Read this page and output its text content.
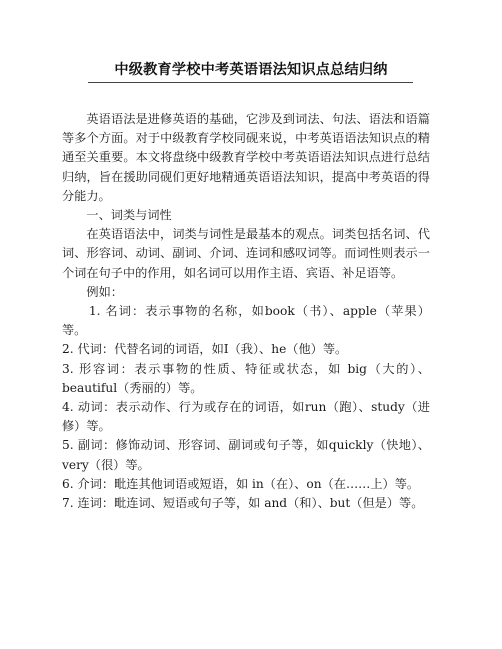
中级教育学校中考英语语法知识点总结归纳

英语语法是进修英语的基础，它涉及到词法、句法、语法和语篇等多个方面。对于中级教育学校同砚来说，中考英语语法知识点的精通至关重要。本文将盘绕中级教育学校中考英语语法知识点进行总结归纳，旨在援助同砚们更好地精通英语语法知识，提高中考英语的得分能力。

一、词类与词性

在英语语法中，词类与词性是最基本的观点。词类包括名词、代词、形容词、动词、副词、介词、连词和感叹词等。而词性则表示一个词在句子中的作用，如名词可以用作主语、宾语、补足语等。

例如：

1. 名词：表示事物的名称，如book（书）、apple（苹果）等。

2. 代词：代替名词的词语，如I（我）、he（他）等。

3. 形容词：表示事物的性质、特征或状态，如 big（大的）、beautiful（秀丽的）等。

4. 动词：表示动作、行为或存在的词语，如run（跑）、study（进修）等。

5. 副词：修饰动词、形容词、副词或句子等，如quickly（快地）、very（很）等。

6. 介词：毗连其他词语或短语，如 in（在）、on（在……上）等。

7. 连词：毗连词、短语或句子等，如 and（和）、but（但是）等。
